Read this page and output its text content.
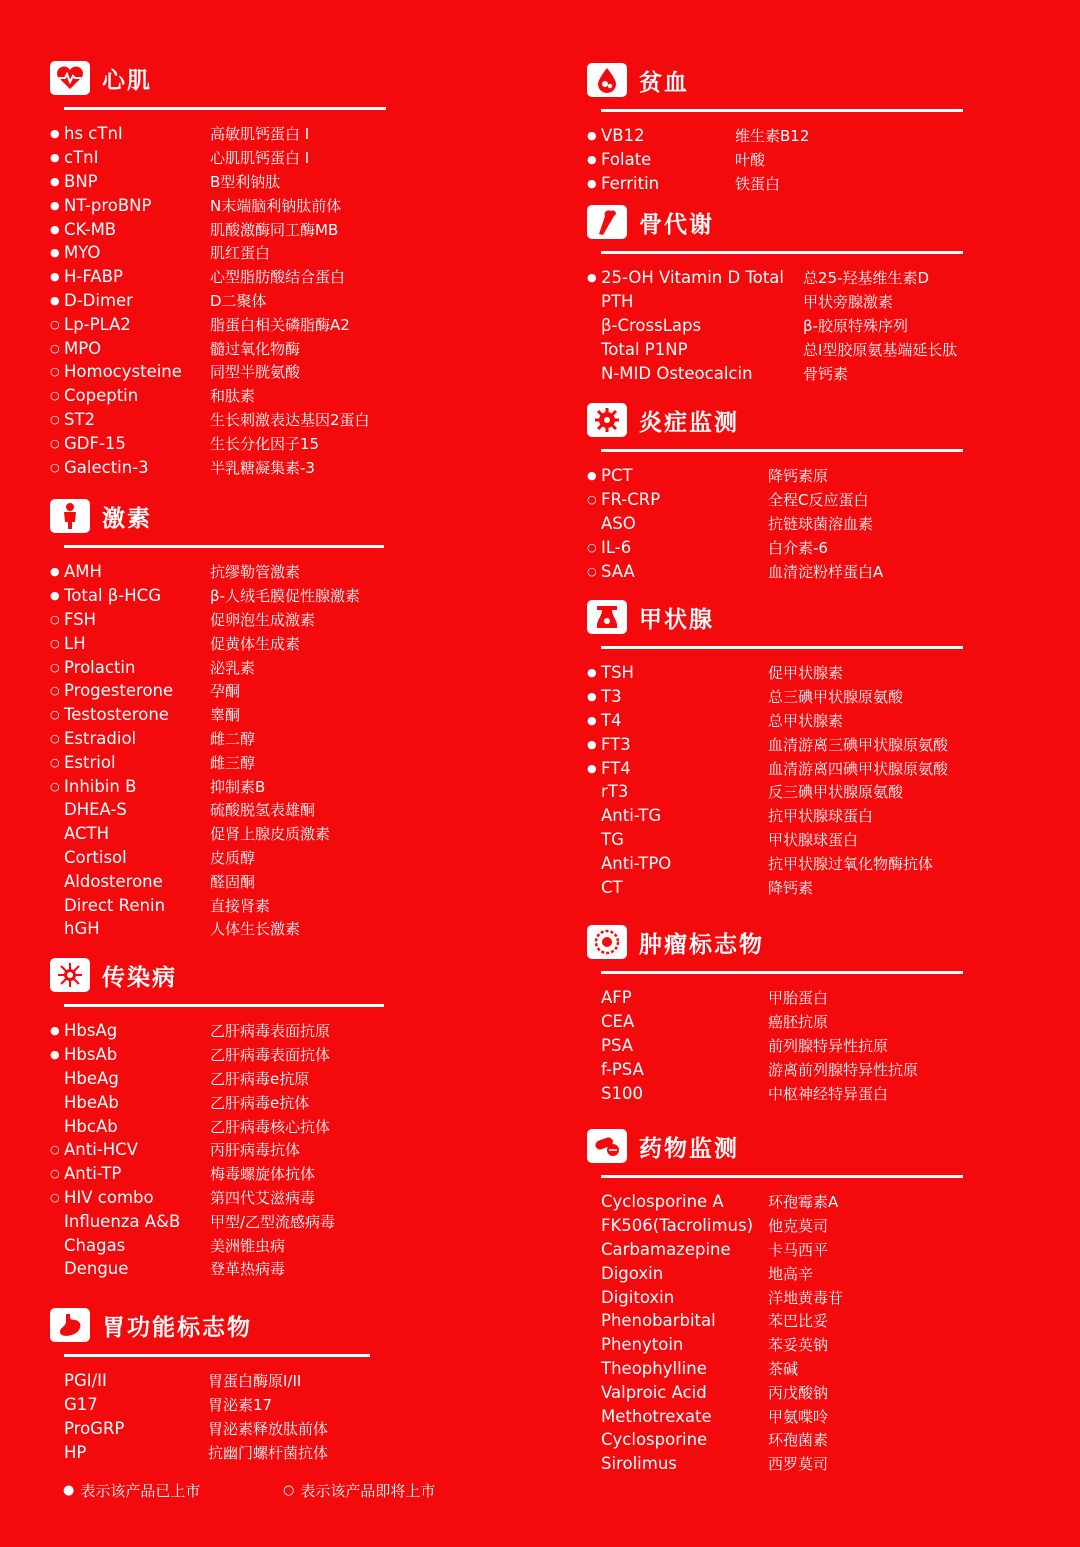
心肌
● hs cTnI	高敏肌钙蛋白 I
● cTnI	心肌肌钙蛋白 I
● BNP	B型利钠肽
● NT-proBNP	N末端脑利钠肽前体
● CK-MB	肌酸激酶同工酶MB
● MYO	肌红蛋白
● H-FABP	心型脂肪酸结合蛋白
● D-Dimer	D二聚体
○ Lp-PLA2	脂蛋白相关磷脂酶A2
○ MPO	髓过氧化物酶
○ Homocysteine 同型半胱氨酸
○ Copeptin	和肽素
○ ST2	生长刺激表达基因2蛋白
○ GDF-15	生长分化因子15
○ Galectin-3	半乳糖凝集素-3
激素
● AMH	抗缪勒管激素
● Total β-HCG	β-人绒毛膜促性腺激素
○ FSH	促卵泡生成激素
○ LH	促黄体生成素
○ Prolactin	泌乳素
○ Progesterone 孕酮
○ Testosterone	睾酮
○ Estradiol	雌二醇
○ Estriol	雌三醇
○ Inhibin B	抑制素B
DHEA-S	硫酸脱氢表雄酮
ACTH	促肾上腺皮质激素
Cortisol	皮质醇
Aldosterone	醛固酮
Direct Renin	直接肾素
hGH	人体生长激素
传染病
● HbsAg	乙肝病毒表面抗原
● HbsAb	乙肝病毒表面抗体
HbeAg	乙肝病毒e抗原
HbeAb	乙肝病毒e抗体
HbcAb	乙肝病毒核心抗体
○ Anti-HCV	丙肝病毒抗体
○ Anti-TP	梅毒螺旋体抗体
○ HIV combo	第四代艾滋病毒
Influenza A&B 甲型/乙型流感病毒
Chagas	美洲锥虫病
Dengue	登革热病毒
胃功能标志物
PGI/II	胃蛋白酶原I/II
G17	胃泌素17
ProGRP	胃泌素释放肽前体
HP	抗幽门螺杆菌抗体
贫血
● VB12	维生素B12
● Folate	叶酸
● Ferritin	铁蛋白
骨代谢
● 25-OH Vitamin D Total 总25-羟基维生素D
PTH	甲状旁腺激素
β-CrossLaps	β-胶原特殊序列
Total P1NP	总I型胶原氨基端延长肽
N-MID Osteocalcin	骨钙素
炎症监测
● PCT	降钙素原
○ FR-CRP	全程C反应蛋白
ASO	抗链球菌溶血素
○ IL-6	白介素-6
○ SAA	血清淀粉样蛋白A
甲状腺
● TSH	促甲状腺素
● T3	总三碘甲状腺原氨酸
● T4	总甲状腺素
● FT3	血清游离三碘甲状腺原氨酸
● FT4	血清游离四碘甲状腺原氨酸
rT3	反三碘甲状腺原氨酸
Anti-TG	抗甲状腺球蛋白
TG	甲状腺球蛋白
Anti-TPO	抗甲状腺过氧化物酶抗体
CT	降钙素
肿瘤标志物
AFP	甲胎蛋白
CEA	癌胚抗原
PSA	前列腺特异性抗原
f-PSA	游离前列腺特异性抗原
S100	中枢神经特异蛋白
药物监测
Cyclosporine A	环孢霉素A
FK506(Tacrolimus) 他克莫司
Carbamazepine 卡马西平
Digoxin	地高辛
Digitoxin	洋地黄毒苷
Phenobarbital	苯巴比妥
Phenytoin	苯妥英钠
Theophylline	茶碱
Valproic Acid	丙戊酸钠
Methotrexate	甲氨喋呤
Cyclosporine	环孢菌素
Sirolimus	西罗莫司
● 表示该产品已上市	○ 表示该产品即将上市
